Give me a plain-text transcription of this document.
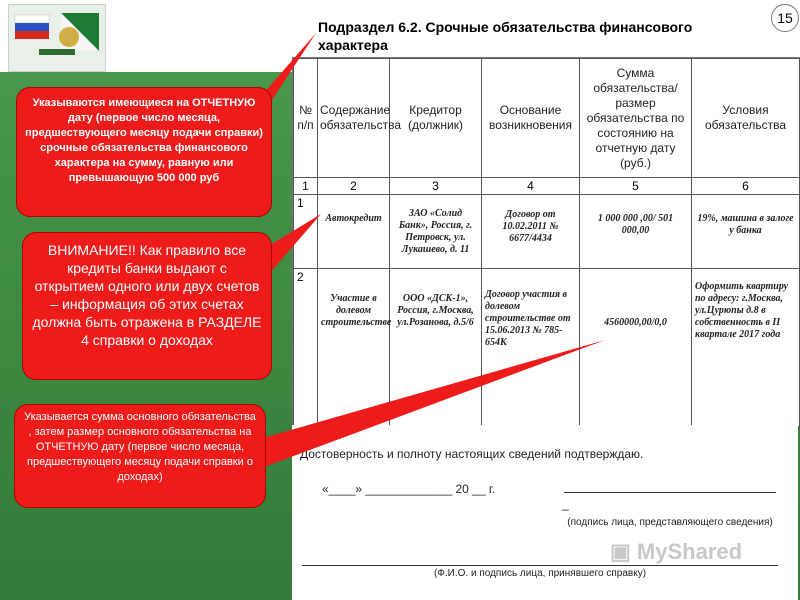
Подраздел 6.2. Срочные обязательства финансового характера
15
№ п/п	Содержание обязательства	Кредитор (должник)	Основание возникновения	Сумма обязательства/ размер обязательства по состоянию на отчетную дату (руб.)	Условия обязательства
1	2	3	4	5	6
1	Автокредит	ЗАО «Солид Банк», Россия, г. Петровск, ул. Лукашево, д. 11	Договор от 10.02.2011 № 6677/4434	1 000 000 ,00/ 501 000,00	19%, машина в залоге у банка
2	Участие в долевом строительстве	ООО «ДСК-1», Россия, г.Москва, ул.Розанова, д.5/6	Договор участия в долевом строительстве от 15.06.2013 № 785-654К	4560000,00/0,0	Оформить квартиру по адресу: г.Москва, ул.Цурюпы д.8 в собственность в II квартале 2017 года
Достоверность и полноту настоящих сведений подтверждаю.
«____» _____________ 20 __ г.
_
(подпись лица, представляющего сведения)
▣ MyShared
(Ф.И.О. и подпись лица, принявшего справку)
Указываются имеющиеся на ОТЧЕТНУЮ дату (первое число месяца, предшествующего месяцу подачи справки) срочные обязательства финансового характера на сумму, равную или превышающую 500 000 руб
ВНИМАНИЕ!! Как правило все кредиты банки выдают с открытием одного или двух счетов – информация об этих счетах должна быть отражена в РАЗДЕЛЕ 4 справки о доходах
Указывается сумма основного обязательства , затем размер основного обязательства на ОТЧЕТНУЮ дату (первое число месяца, предшествующего месяцу подачи справки о доходах)
